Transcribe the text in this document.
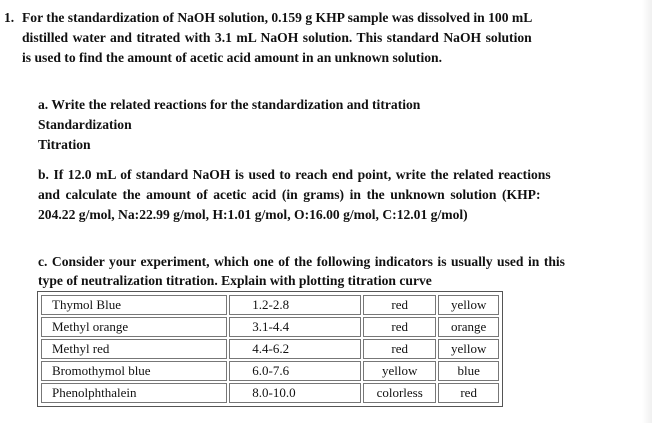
1. For the standardization of NaOH solution, 0.159 g KHP sample was dissolved in 100 mL

distilled water and titrated with 3.1 mL NaOH solution. This standard NaOH solution

is used to find the amount of acetic acid amount in an unknown solution.

a. Write the related reactions for the standardization and titration

Standardization

Titration

b. If 12.0 mL of standard NaOH is used to reach end point, write the related reactions

and calculate the amount of acetic acid (in grams) in the unknown solution (KHP:

204.22 g/mol, Na:22.99 g/mol, H:1.01 g/mol, O:16.00 g/mol, C:12.01 g/mol)

c. Consider your experiment, which one of the following indicators is usually used in this

type of neutralization titration. Explain with plotting titration curve

Thymol Blue	1.2-2.8	red	yellow
Methyl orange	3.1-4.4	red	orange
Methyl red	4.4-6.2	red	yellow
Bromothymol blue	6.0-7.6	yellow	blue
Phenolphthalein	8.0-10.0	colorless	red
